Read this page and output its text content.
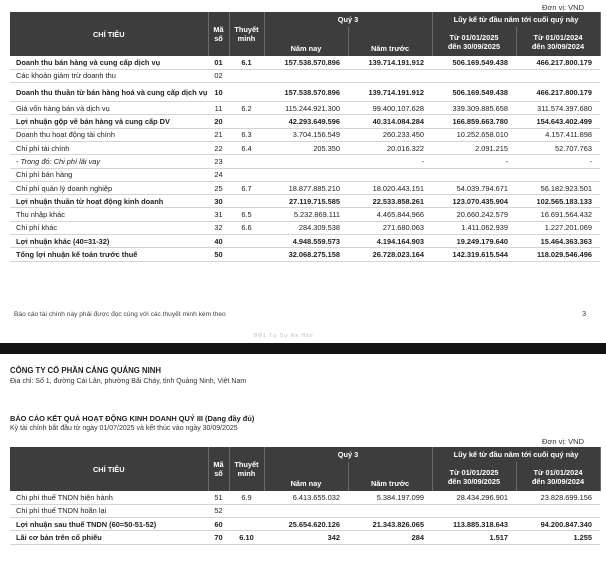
Đơn vị: VND
CHỈ TIÊU	Mã số	Thuyết minh	Quý 3		Lũy kế từ đầu năm tới cuối quý này	
			Năm nay	Năm trước	Từ 01/01/2025 đến 30/09/2025	Từ 01/01/2024 đến 30/09/2024
Doanh thu bán hàng và cung cấp dịch vụ	01	6.1	157.538.570.896	139.714.191.912	506.169.549.438	466.217.800.179
Các khoản giảm trừ doanh thu	02					
Doanh thu thuần từ bán hàng hoá và cung cấp dịch vụ	10		157.538.570.896	139.714.191.912	506.169.549.438	466.217.800.179
Giá vốn hàng bán và dịch vụ	11	6.2	115.244.921.300	99.400.107.628	339.309.885.658	311.574.397.680
Lợi nhuận gộp về bán hàng và cung cấp DV	20		42.293.649.596	40.314.084.284	166.859.663.780	154.643.402.499
Doanh thu hoạt động tài chính	21	6.3	3.704.156.549	260.233.450	10.252.658.010	4.157.411.898
Chi phí tài chính	22	6.4	205.350	20.016.322	2.091.215	52.707.763
- Trong đó: Chi phí lãi vay	23			-	-	-
Chi phí bán hàng	24					
Chi phí quản lý doanh nghiệp	25	6.7	18.877.885.210	18.020.443.151	54.039.794.671	56.182.923.501
Lợi nhuận thuần từ hoạt động kinh doanh	30		27.119.715.585	22.533.858.261	123.070.435.904	102.565.183.133
Thu nhập khác	31	6.5	5.232.869.111	4.465.844.966	20.660.242.579	16.691.564.432
Chi phí khác	32	6.6	284.309.538	271.680.063	1.411.062.939	1.227.201.069
Lợi nhuận khác (40=31-32)	40		4.948.559.573	4.194.164.903	19.249.179.640	15.464.363.363
Tổng lợi nhuận kế toán trước thuế	50		32.068.275.158	26.728.023.164	142.319.615.544	118.029.546.496
Báo cáo tài chính này phải được đọc cùng với các thuyết minh kèm theo	3
BĐ1 Tự Sự Nk Hào
CÔNG TY CỔ PHẦN CẢNG QUẢNG NINH
Địa chỉ: Số 1, đường Cái Lân, phường Bãi Cháy, tỉnh Quảng Ninh, Việt Nam
BÁO CÁO KẾT QUẢ HOẠT ĐỘNG KINH DOANH QUÝ III (Dạng đầy đủ)
Kỳ tài chính bắt đầu từ ngày 01/07/2025 và kết thúc vào ngày 30/09/2025
Đơn vị: VND
CHỈ TIÊU	Mã số	Thuyết minh	Quý 3		Lũy kế từ đầu năm tới cuối quý này	
			Năm nay	Năm trước	Từ 01/01/2025 đến 30/09/2025	Từ 01/01/2024 đến 30/09/2024
Chi phí thuế TNDN hiện hành	51	6.9	6.413.655.032	5.384.197.099	28.434.296.901	23.828.699.156
Chi phí thuế TNDN hoãn lại	52					
Lợi nhuận sau thuế TNDN (60=50-51-52)	60		25.654.620.126	21.343.826.065	113.885.318.643	94.200.847.340
Lãi cơ bản trên cổ phiếu	70	6.10	342	284	1.517	1.255
